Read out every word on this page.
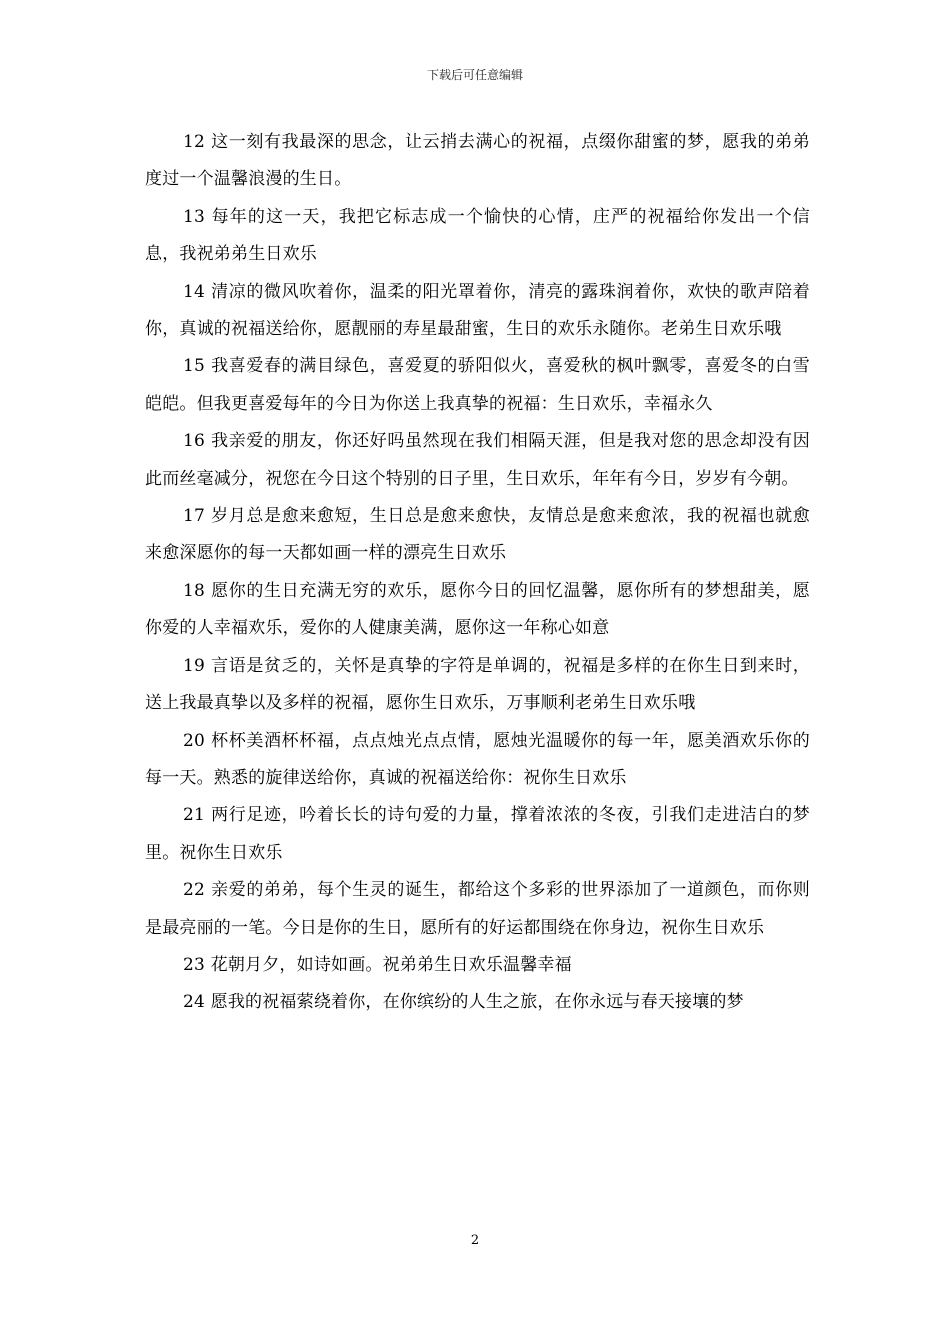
下载后可任意编辑

12 这一刻有我最深的思念，让云捎去满心的祝福，点缀你甜蜜的梦，愿我的弟弟度过一个温馨浪漫的生日。

13 每年的这一天，我把它标志成一个愉快的心情，庄严的祝福给你发出一个信息，我祝弟弟生日欢乐

14 清凉的微风吹着你，温柔的阳光罩着你，清亮的露珠润着你，欢快的歌声陪着你，真诚的祝福送给你，愿靓丽的寿星最甜蜜，生日的欢乐永随你。老弟生日欢乐哦

15 我喜爱春的满目绿色，喜爱夏的骄阳似火，喜爱秋的枫叶飘零，喜爱冬的白雪皑皑。但我更喜爱每年的今日为你送上我真挚的祝福：生日欢乐，幸福永久

16 我亲爱的朋友，你还好吗虽然现在我们相隔天涯，但是我对您的思念却没有因此而丝毫减分，祝您在今日这个特别的日子里，生日欢乐，年年有今日，岁岁有今朝。

17 岁月总是愈来愈短，生日总是愈来愈快，友情总是愈来愈浓，我的祝福也就愈来愈深愿你的每一天都如画一样的漂亮生日欢乐

18 愿你的生日充满无穷的欢乐，愿你今日的回忆温馨，愿你所有的梦想甜美，愿你爱的人幸福欢乐，爱你的人健康美满，愿你这一年称心如意

19 言语是贫乏的，关怀是真挚的字符是单调的，祝福是多样的在你生日到来时，送上我最真挚以及多样的祝福，愿你生日欢乐，万事顺利老弟生日欢乐哦

20 杯杯美酒杯杯福，点点烛光点点情，愿烛光温暖你的每一年，愿美酒欢乐你的每一天。熟悉的旋律送给你，真诚的祝福送给你：祝你生日欢乐

21 两行足迹，吟着长长的诗句爱的力量，撑着浓浓的冬夜，引我们走进洁白的梦里。祝你生日欢乐

22 亲爱的弟弟，每个生灵的诞生，都给这个多彩的世界添加了一道颜色，而你则是最亮丽的一笔。今日是你的生日，愿所有的好运都围绕在你身边，祝你生日欢乐

23 花朝月夕，如诗如画。祝弟弟生日欢乐温馨幸福

24 愿我的祝福萦绕着你，在你缤纷的人生之旅，在你永远与春天接壤的梦

2
